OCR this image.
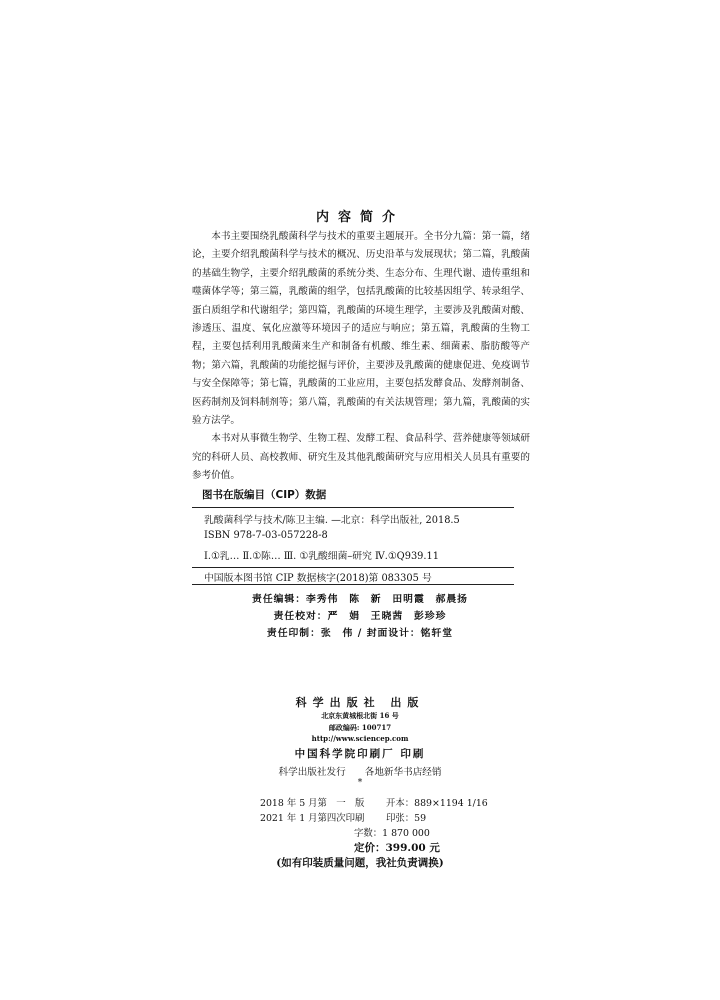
内容简介

本书主要围绕乳酸菌科学与技术的重要主题展开。全书分九篇：第一篇，绪论，主要介绍乳酸菌科学与技术的概况、历史沿革与发展现状；第二篇，乳酸菌的基础生物学，主要介绍乳酸菌的系统分类、生态分布、生理代谢、遗传重组和噬菌体学等；第三篇，乳酸菌的组学，包括乳酸菌的比较基因组学、转录组学、蛋白质组学和代谢组学；第四篇，乳酸菌的环境生理学，主要涉及乳酸菌对酸、渗透压、温度、氧化应激等环境因子的适应与响应；第五篇，乳酸菌的生物工程，主要包括利用乳酸菌来生产和制备有机酸、维生素、细菌素、脂肪酸等产物；第六篇，乳酸菌的功能挖掘与评价，主要涉及乳酸菌的健康促进、免疫调节与安全保障等；第七篇，乳酸菌的工业应用，主要包括发酵食品、发酵剂制备、医药制剂及饲料制剂等；第八篇，乳酸菌的有关法规管理；第九篇，乳酸菌的实验方法学。

本书对从事微生物学、生物工程、发酵工程、食品科学、营养健康等领域研究的科研人员、高校教师、研究生及其他乳酸菌研究与应用相关人员具有重要的参考价值。

图书在版编目（CIP）数据
乳酸菌科学与技术/陈卫主编. —北京：科学出版社, 2018.5
ISBN 978-7-03-057228-8
Ⅰ.①乳… Ⅱ.①陈… Ⅲ. ①乳酸细菌–研究 Ⅳ.①Q939.11
中国版本图书馆 CIP 数据核字(2018)第 083305 号
责任编辑：李秀伟　陈　新　田明霞　郝晨扬
责任校对：严　娟　王晓茜　彭珍珍
责任印制：张　伟 / 封面设计：铭轩堂
科学出版社 出版
北京东黄城根北街 16 号
邮政编码: 100717
http://www.sciencep.com
中国科学院印刷厂 印刷
科学出版社发行 各地新华书店经销
*
2018 年 5 月第　一　版 开本：889×1194 1/16
2021 年 1 月第四次印刷 印张：59
字数：1 870 000
定价：399.00 元
(如有印装质量问题，我社负责调换)
